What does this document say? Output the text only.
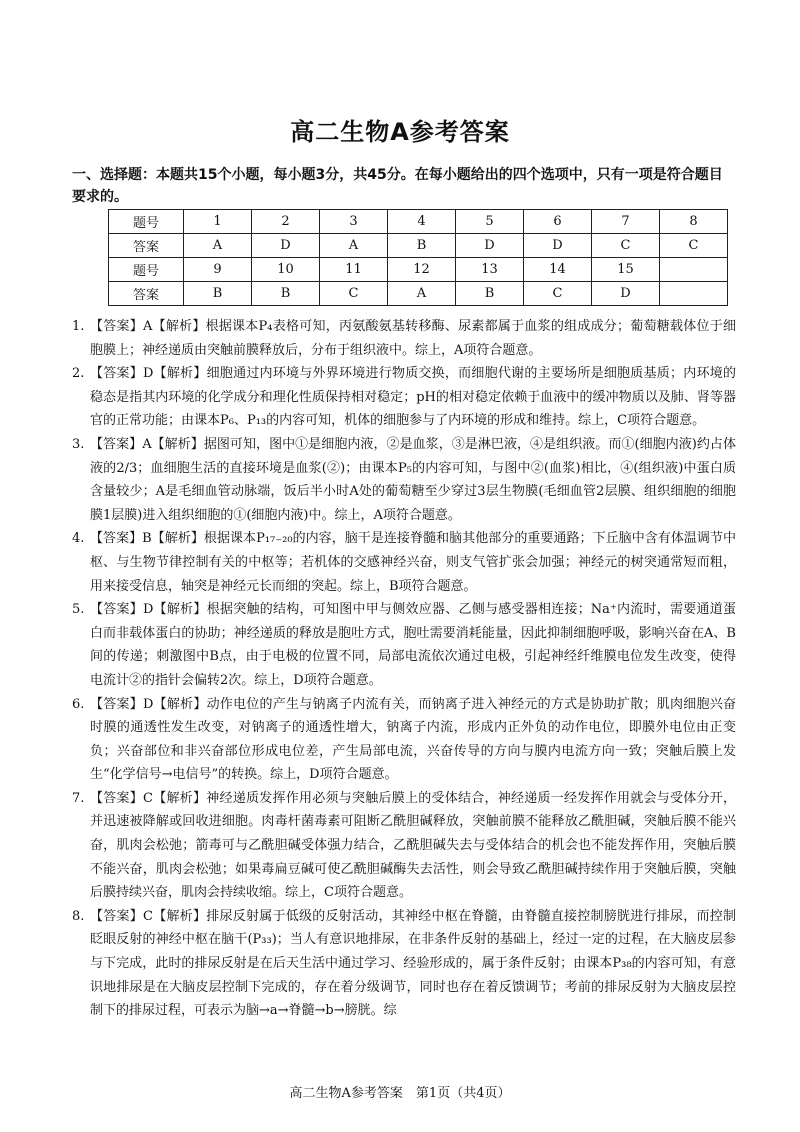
高二生物A参考答案
一、选择题：本题共15个小题，每小题3分，共45分。在每小题给出的四个选项中，只有一项是符合题目要求的。
题号	1	2	3	4	5	6	7	8
答案	A	D	A	B	D	D	C	C
题号	9	10	11	12	13	14	15	
答案	B	B	C	A	B	C	D	
1. 【答案】A【解析】根据课本P₄表格可知，丙氨酸氨基转移酶、尿素都属于血浆的组成成分；葡萄糖载体位于细胞膜上；神经递质由突触前膜释放后，分布于组织液中。综上，A项符合题意。
2. 【答案】D【解析】细胞通过内环境与外界环境进行物质交换，而细胞代谢的主要场所是细胞质基质；内环境的稳态是指其内环境的化学成分和理化性质保持相对稳定；pH的相对稳定依赖于血液中的缓冲物质以及肺、肾等器官的正常功能；由课本P₆、P₁₃的内容可知，机体的细胞参与了内环境的形成和维持。综上，C项符合题意。
3. 【答案】A【解析】据图可知，图中①是细胞内液，②是血浆，③是淋巴液，④是组织液。而①(细胞内液)约占体液的2/3；血细胞生活的直接环境是血浆(②)；由课本P₅的内容可知，与图中②(血浆)相比，④(组织液)中蛋白质含量较少；A是毛细血管动脉端，饭后半小时A处的葡萄糖至少穿过3层生物膜(毛细血管2层膜、组织细胞的细胞膜1层膜)进入组织细胞的①(细胞内液)中。综上，A项符合题意。
4. 【答案】B【解析】根据课本P₁₇₋₂₀的内容，脑干是连接脊髓和脑其他部分的重要通路；下丘脑中含有体温调节中枢、与生物节律控制有关的中枢等；若机体的交感神经兴奋，则支气管扩张会加强；神经元的树突通常短而粗，用来接受信息，轴突是神经元长而细的突起。综上，B项符合题意。
5. 【答案】D【解析】根据突触的结构，可知图中甲与侧效应器、乙侧与感受器相连接；Na⁺内流时，需要通道蛋白而非载体蛋白的协助；神经递质的释放是胞吐方式，胞吐需要消耗能量，因此抑制细胞呼吸，影响兴奋在A、B间的传递；刺激图中B点，由于电极的位置不同，局部电流依次通过电极，引起神经纤维膜电位发生改变，使得电流计②的指针会偏转2次。综上，D项符合题意。
6. 【答案】D【解析】动作电位的产生与钠离子内流有关，而钠离子进入神经元的方式是协助扩散；肌肉细胞兴奋时膜的通透性发生改变，对钠离子的通透性增大，钠离子内流，形成内正外负的动作电位，即膜外电位由正变负；兴奋部位和非兴奋部位形成电位差，产生局部电流，兴奋传导的方向与膜内电流方向一致；突触后膜上发生“化学信号→电信号”的转换。综上，D项符合题意。
7. 【答案】C【解析】神经递质发挥作用必须与突触后膜上的受体结合，神经递质一经发挥作用就会与受体分开，并迅速被降解或回收进细胞。肉毒杆菌毒素可阻断乙酰胆碱释放，突触前膜不能释放乙酰胆碱，突触后膜不能兴奋，肌肉会松弛；箭毒可与乙酰胆碱受体强力结合，乙酰胆碱失去与受体结合的机会也不能发挥作用，突触后膜不能兴奋，肌肉会松弛；如果毒扁豆碱可使乙酰胆碱酶失去活性，则会导致乙酰胆碱持续作用于突触后膜，突触后膜持续兴奋，肌肉会持续收缩。综上，C项符合题意。
8. 【答案】C【解析】排尿反射属于低级的反射活动，其神经中枢在脊髓，由脊髓直接控制膀胱进行排尿，而控制眨眼反射的神经中枢在脑干(P₃₃)；当人有意识地排尿，在非条件反射的基础上，经过一定的过程，在大脑皮层参与下完成，此时的排尿反射是在后天生活中通过学习、经验形成的，属于条件反射；由课本P₃₈的内容可知，有意识地排尿是在大脑皮层控制下完成的，存在着分级调节，同时也存在着反馈调节；考前的排尿反射为大脑皮层控制下的排尿过程，可表示为脑→a→脊髓→b→膀胱。综
高二生物A参考答案　第1页（共4页）
